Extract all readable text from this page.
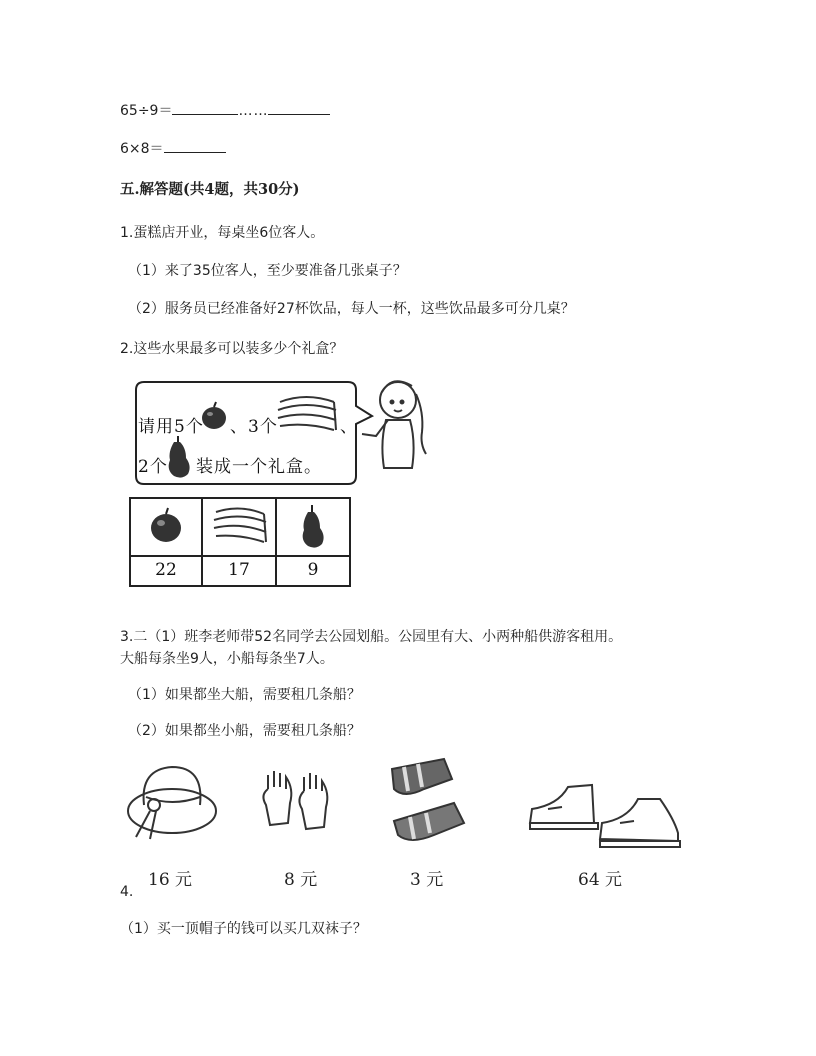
65÷9＝	……
6×8＝
五.解答题(共4题，共30分)
1.蛋糕店开业，每桌坐6位客人。
（1）来了35位客人，至少要准备几张桌子？
（2）服务员已经准备好27杯饮品，每人一杯，这些饮品最多可分几桌？
2.这些水果最多可以装多少个礼盒？
请用5个 、3个	、
2个 装成一个礼盒。
22	17	9
3.二（1）班李老师带52名同学去公园划船。公园里有大、小两种船供游客租用。
大船每条坐9人，小船每条坐7人。
（1）如果都坐大船，需要租几条船？
（2）如果都坐小船，需要租几条船？
16 元	8 元	3 元	64 元
4.
（1）买一顶帽子的钱可以买几双袜子？
